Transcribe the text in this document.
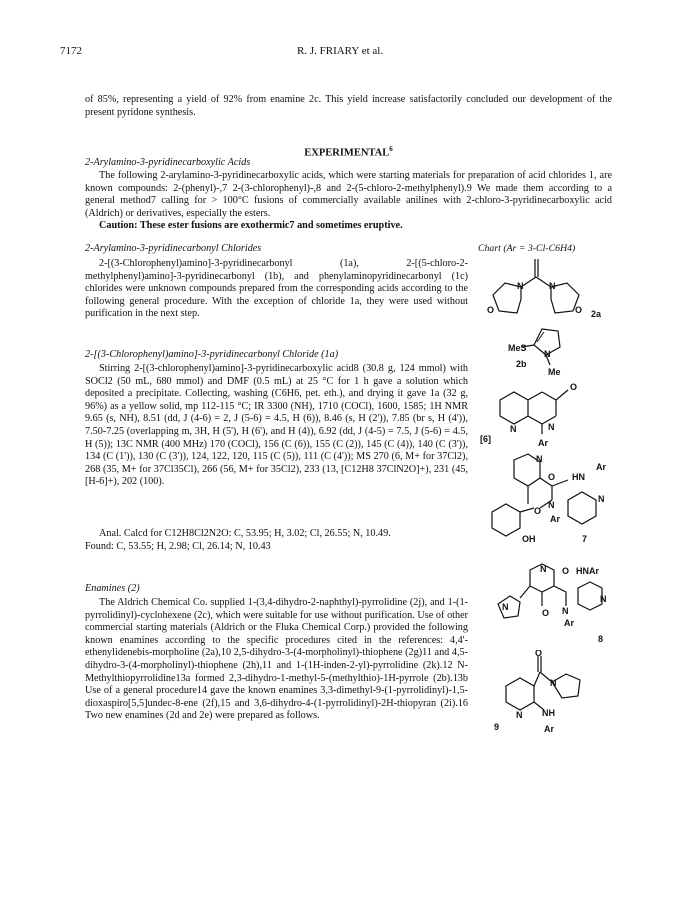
7172	R. J. FRIARY et al.

of 85%, representing a yield of 92% from enamine 2c. This yield increase satisfactorily concluded our development of the present pyridone synthesis.

EXPERIMENTAL$^6$
2-Arylamino-3-pyridinecarboxylic Acids

The following 2-arylamino-3-pyridinecarboxylic acids, which were starting materials for preparation of acid chlorides 1, are known compounds: 2-(phenyl)-,7 2-(3-chlorophenyl)-,8 and 2-(5-chloro-2-methylphenyl).9 We made them according to a general method7 calling for > 100°C fusions of commercially available anilines with 2-chloro-3-pyridinecarboxylic acid (Aldrich) or derivatives, especially the esters.

Caution: These ester fusions are exothermic7 and sometimes eruptive.

2-Arylamino-3-pyridinecarbonyl Chlorides

2-[(3-Chlorophenyl)amino]-3-pyridinecarbonyl (1a), 2-[(5-chloro-2-methylphenyl)amino]-3-pyridinecarbonyl (1b), and phenylaminopyridinecarbonyl (1c) chlorides were unknown compounds prepared from the corresponding acids according to the following general procedure. With the exception of chloride 1a, they were used without purification in the next step.

2-[(3-Chlorophenyl)amino]-3-pyridinecarbonyl Chloride (1a)

Stirring 2-[(3-chlorophenyl)amino]-3-pyridinecarboxylic acid8 (30.8 g, 124 mmol) with SOCl2 (50 mL, 680 mmol) and DMF (0.5 mL) at 25 °C for 1 h gave a solution which deposited a precipitate. Collecting, washing (C6H6, pet. eth.), and drying it gave 1a (32 g, 96%) as a yellow solid, mp 112-115 °C; IR 3300 (NH), 1710 (COCl), 1600, 1585; 1H NMR 9.65 (s, NH), 8.51 (dd, J (4-6) = 2, J (5-6) = 4.5, H (6)), 8.46 (s, H (2')), 7.85 (br s, H (4')), 7.50-7.25 (overlapping m, 3H, H (5'), H (6'), and H (4)), 6.92 (dd, J (4-5) = 7.5, J (5-6) = 4.5, H (5)); 13C NMR (400 MHz) 170 (COCl), 156 (C (6)), 155 (C (2)), 145 (C (4)), 140 (C (3')), 134 (C (1')), 130 (C (3')), 124, 122, 120, 115 (C (5)), 111 (C (4')); MS 270 (6, M+ for 37Cl2), 268 (35, M+ for 37Cl35Cl), 266 (56, M+ for 35Cl2), 233 (13, [C12H8 37ClN2O]+), 231 (45, [H-6]+), 202 (100).

Anal. Calcd for C12H8Cl2N2O: C, 53.95; H, 3.02; Cl, 26.55; N, 10.49.

Found: C, 53.55; H, 2.98; Cl, 26.14; N, 10.43

Enamines (2)

The Aldrich Chemical Co. supplied 1-(3,4-dihydro-2-naphthyl)-pyrrolidine (2j), and 1-(1-pyrrolidinyl)-cyclohexene (2c), which were suitable for use without purification. Use of other commercial starting materials (Aldrich or the Fluka Chemical Corp.) provided the following known enamines according to the specific procedures cited in the references: 4,4'-ethenylidenebis-morpholine (2a),10 2,5-dihydro-3-(4-morpholinyl)-thiophene (2g)11 and 4,5-dihydro-3-(4-morpholinyl)-thiophene (2h),11 and 1-(1H-inden-2-yl)-pyrrolidine (2k).12 N-Methylthiopyrrolidine13a formed 2,3-dihydro-1-methyl-5-(methylthio)-1H-pyrrole (2b).13b Use of a general procedure14 gave the known enamines 3,3-dimethyl-9-(1-pyrrolidinyl)-1,5-dioxaspiro[5,5]undec-8-ene (2f),15 and 3,6-dihydro-4-(1-pyrrolidinyl)-2H-thiopyran (2i).16 Two new enamines (2d and 2e) were prepared as follows.

Chart (Ar = 3-Cl-C6H4)
N	N
O	O 2a
MeS
N
2b
Me
O
N	N
[6]	Ar
N
O HN
Ar
N
Ar
O
N
OH	7
N O HNAr
N
Ar
O
N
N
8
O
N
N NH
9	Ar
